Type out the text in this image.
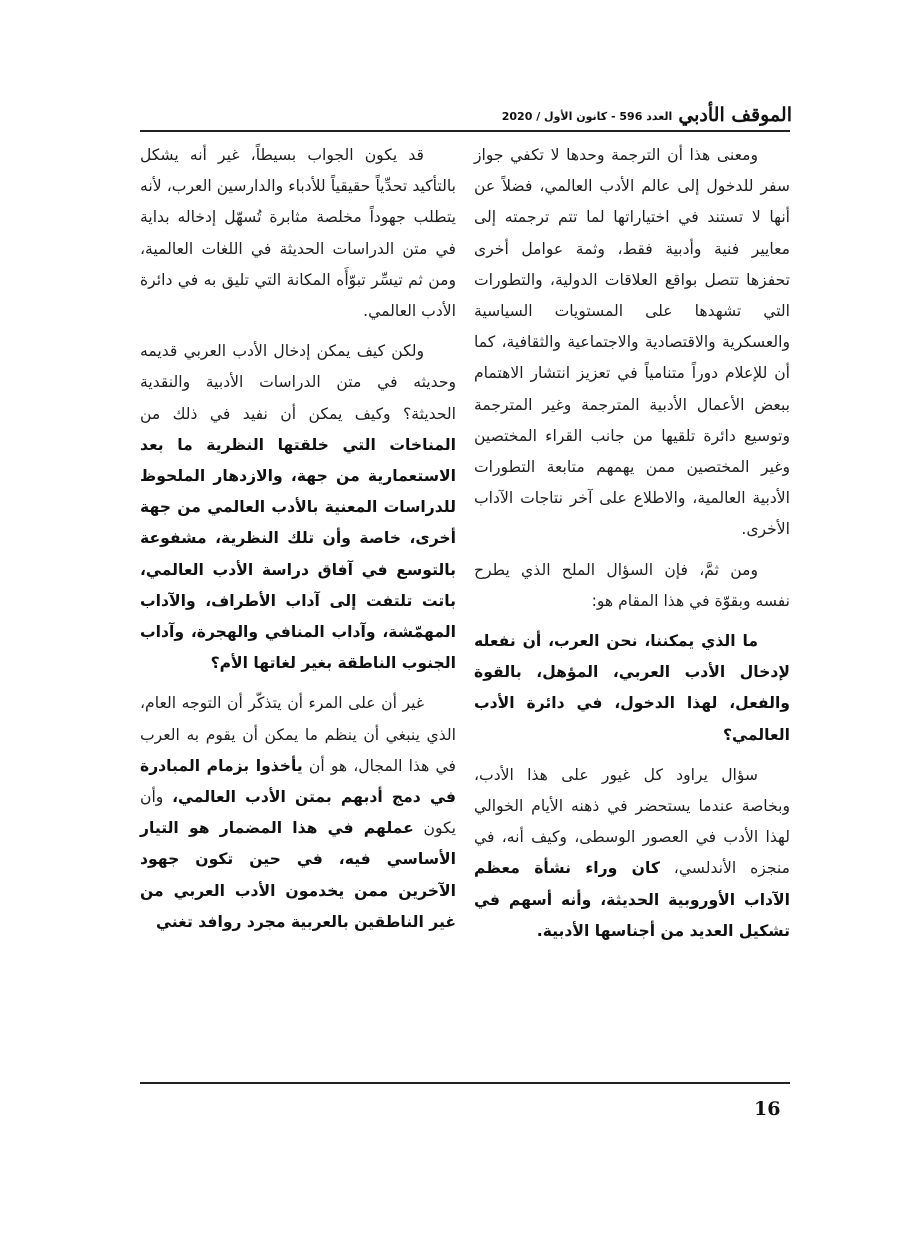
الموقف الأدبي
العدد 596 - كانون الأول / 2020

ومعنى هذا أن الترجمة وحدها لا تكفي جواز سفر للدخول إلى عالم الأدب العالمي، فضلاً عن أنها لا تستند في اختياراتها لما تتم ترجمته إلى معايير فنية وأدبية فقط، وثمة عوامل أخرى تحفزها تتصل بواقع العلاقات الدولية، والتطورات التي تشهدها على المستويات السياسية والعسكرية والاقتصادية والاجتماعية والثقافية، كما أن للإعلام دوراً متنامياً في تعزيز انتشار الاهتمام ببعض الأعمال الأدبية المترجمة وغير المترجمة وتوسيع دائرة تلقيها من جانب القراء المختصين وغير المختصين ممن يهمهم متابعة التطورات الأدبية العالمية، والاطلاع على آخر نتاجات الآداب الأخرى.

ومن ثمَّ، فإن السؤال الملح الذي يطرح نفسه وبقوّة في هذا المقام هو:

ما الذي يمكننا، نحن العرب، أن نفعله لإدخال الأدب العربي، المؤهل، بالقوة والفعل، لهذا الدخول، في دائرة الأدب العالمي؟

سؤال يراود كل غيور على هذا الأدب، وبخاصة عندما يستحضر في ذهنه الأيام الخوالي لهذا الأدب في العصور الوسطى، وكيف أنه، في منجزه الأندلسي، كان وراء نشأة معظم الآداب الأوروبية الحديثة، وأنه أسهم في تشكيل العديد من أجناسها الأدبية.

قد يكون الجواب بسيطاً، غير أنه يشكل بالتأكيد تحدِّياً حقيقياً للأدباء والدارسين العرب، لأنه يتطلب جهوداً مخلصة مثابرة تُسهّل إدخاله بداية في متن الدراسات الحديثة في اللغات العالمية، ومن ثم تيسِّر تبوّأَه المكانة التي تليق به في دائرة الأدب العالمي.

ولكن كيف يمكن إدخال الأدب العربي قديمه وحديثه في متن الدراسات الأدبية والنقدية الحديثة؟ وكيف يمكن أن نفيد في ذلك من المناخات التي خلقتها النظرية ما بعد الاستعمارية من جهة، والازدهار الملحوظ للدراسات المعنية بالأدب العالمي من جهة أخرى، خاصة وأن تلك النظرية، مشفوعة بالتوسع في آفاق دراسة الأدب العالمي، باتت تلتفت إلى آداب الأطراف، والآداب المهمّشة، وآداب المنافي والهجرة، وآداب الجنوب الناطقة بغير لغاتها الأم؟

غير أن على المرء أن يتذكّر أن التوجه العام، الذي ينبغي أن ينظم ما يمكن أن يقوم به العرب في هذا المجال، هو أن يأخذوا بزمام المبادرة في دمج أدبهم بمتن الأدب العالمي، وأن يكون عملهم في هذا المضمار هو التيار الأساسي فيه، في حين تكون جهود الآخرين ممن يخدمون الأدب العربي من غير الناطقين بالعربية مجرد روافد تغني

16
